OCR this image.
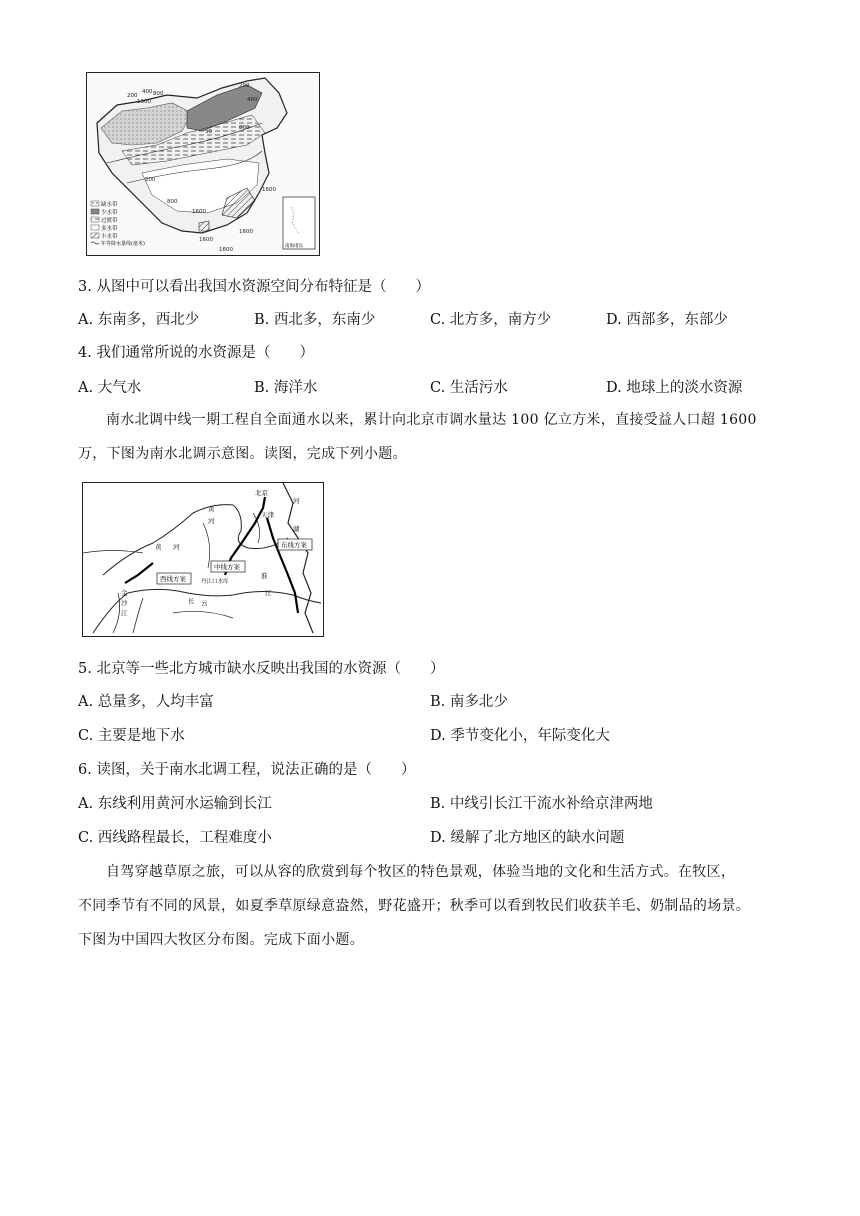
200
400 800
1600
50
200
400
800
1600
1600
1600
800
1600
200
1600
缺水带
少水带
过渡带
多水带
丰水带
年等降水量线(毫米)	南海诸岛
3. 从图中可以看出我国水资源空间分布特征是（　　）
A. 东南多，西北少	B. 西北多，东南少	C. 北方多，南方少	D. 西部多，东部少
4. 我们通常所说的水资源是（　　）
A. 大气水	B. 海洋水	C. 生活污水	D. 地球上的淡水资源

南水北调中线一期工程自全面通水以来，累计向北京市调水量达 100 亿立方米，直接受益人口超 1600

万，下图为南水北调示意图。读图，完成下列小题。

北京
天津
黄
河
黄 河
河
湖
东线方案
中线方案
西线方案	丹江口水库
淮
江
长 云
金
沙
江
5. 北京等一些北方城市缺水反映出我国的水资源（　　）
A. 总量多，人均丰富	B. 南多北少
C. 主要是地下水	D. 季节变化小，年际变化大
6. 读图，关于南水北调工程，说法正确的是（　　）
A. 东线利用黄河水运输到长江	B. 中线引长江干流水补给京津两地
C. 西线路程最长，工程难度小	D. 缓解了北方地区的缺水问题

自驾穿越草原之旅，可以从容的欣赏到每个牧区的特色景观，体验当地的文化和生活方式。在牧区，

不同季节有不同的风景，如夏季草原绿意盎然，野花盛开；秋季可以看到牧民们收获羊毛、奶制品的场景。

下图为中国四大牧区分布图。完成下面小题。
